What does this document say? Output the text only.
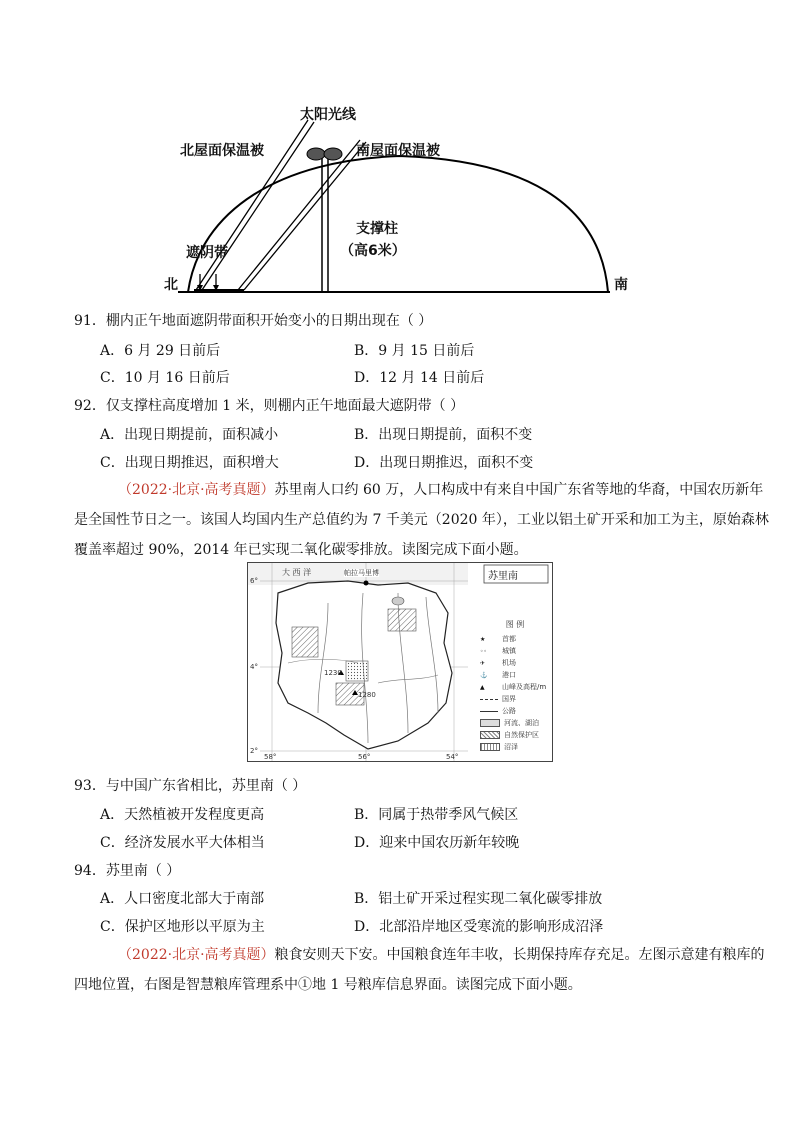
太阳光线
北屋面保温被	南屋面保温被
支撑柱
（高6米）
遮阴带
北	南
91．棚内正午地面遮阴带面积开始变小的日期出现在（ ）
A．6 月 29 日前后	B．9 月 15 日前后
C．10 月 16 日前后	D．12 月 14 日前后
92．仅支撑柱高度增加 1 米，则棚内正午地面最大遮阴带（ ）
A．出现日期提前，面积减小	B．出现日期提前，面积不变
C．出现日期推迟，面积增大	D．出现日期推迟，面积不变
（2022·北京·高考真题）苏里南人口约 60 万，人口构成中有来自中国广东省等地的华裔，中国农历新年是全国性节日之一。该国人均国内生产总值约为 7 千美元（2020 年），工业以铝土矿开采和加工为主，原始森林覆盖率超过 90%，2014 年已实现二氧化碳零排放。读图完成下面小题。
大 西 洋	帕拉马里博	苏里南
6°
4°
2°
58°	56°	54°
1230
1280
图 例
★	首都
◦◦	城镇
✈	机场
⚓	港口
▲	山峰及高程/m
国界
公路
河流、湖泊
自然保护区
沼泽
93．与中国广东省相比，苏里南（ ）
A．天然植被开发程度更高	B．同属于热带季风气候区
C．经济发展水平大体相当	D．迎来中国农历新年较晚
94．苏里南（ ）
A．人口密度北部大于南部	B．铝土矿开采过程实现二氧化碳零排放
C．保护区地形以平原为主	D．北部沿岸地区受寒流的影响形成沼泽
（2022·北京·高考真题）粮食安则天下安。中国粮食连年丰收，长期保持库存充足。左图示意建有粮库的四地位置，右图是智慧粮库管理系中①地 1 号粮库信息界面。读图完成下面小题。
